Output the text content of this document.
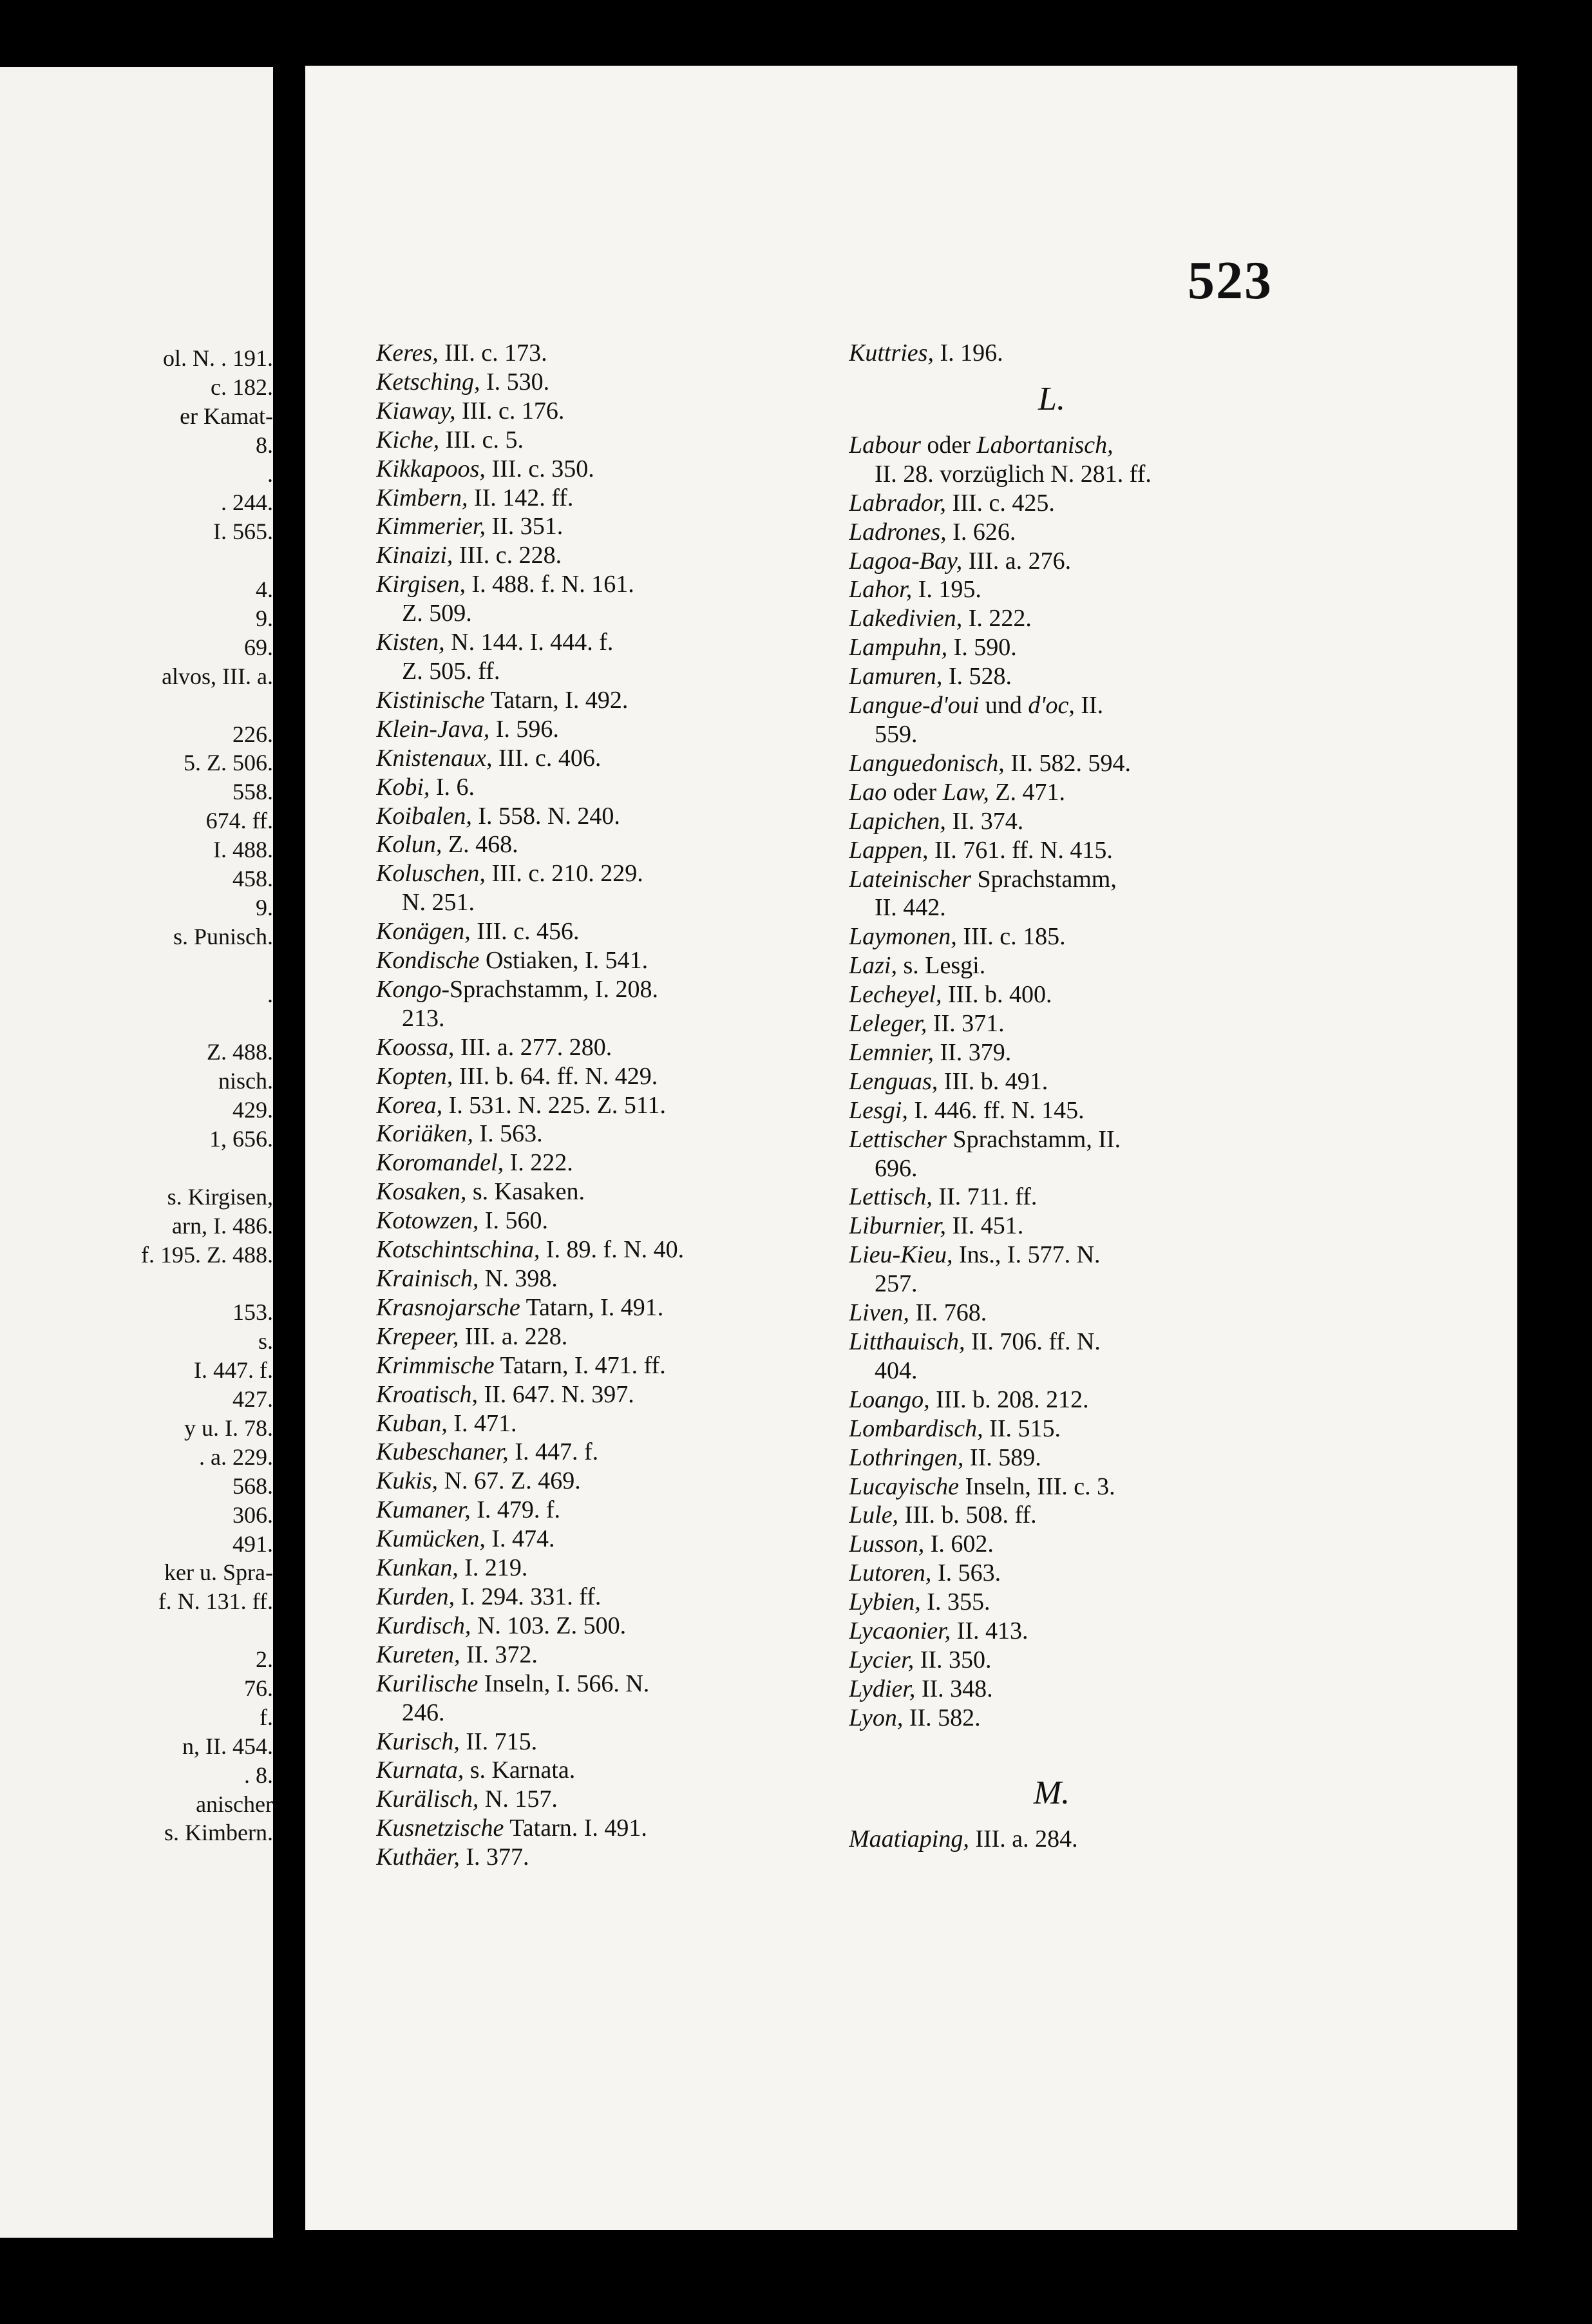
ol. N. . 191.
c. 182.
er Kamat-
8.
.
. 244.
I. 565.
4.
9.
69.
alvos, III. a.
226.
5. Z. 506.
558.
674. ff.
I. 488.
458.
9.
s. Punisch.
.
Z. 488.
nisch.
429.
1, 656.
s. Kirgisen,
arn, I. 486.
f. 195. Z. 488.
153.
s.
I. 447. f.
427.
y u. I. 78.
. a. 229.
568.
306.
491.
ker u. Spra-
f. N. 131. ff.
2.
76.
f.
n, II. 454.
. 8.
anischer
s. Kimbern.
523
Keres, III. c. 173.
Ketsching, I. 530.
Kiaway, III. c. 176.
Kiche, III. c. 5.
Kikkapoos, III. c. 350.
Kimbern, II. 142. ff.
Kimmerier, II. 351.
Kinaizi, III. c. 228.
Kirgisen, I. 488. f. N. 161.
Z. 509.
Kisten, N. 144. I. 444. f.
Z. 505. ff.
Kistinische Tatarn, I. 492.
Klein-Java, I. 596.
Knistenaux, III. c. 406.
Kobi, I. 6.
Koibalen, I. 558. N. 240.
Kolun, Z. 468.
Koluschen, III. c. 210. 229.
N. 251.
Konägen, III. c. 456.
Kondische Ostiaken, I. 541.
Kongo-Sprachstamm, I. 208.
213.
Koossa, III. a. 277. 280.
Kopten, III. b. 64. ff. N. 429.
Korea, I. 531. N. 225. Z. 511.
Koriäken, I. 563.
Koromandel, I. 222.
Kosaken, s. Kasaken.
Kotowzen, I. 560.
Kotschintschina, I. 89. f. N. 40.
Krainisch, N. 398.
Krasnojarsche Tatarn, I. 491.
Krepeer, III. a. 228.
Krimmische Tatarn, I. 471. ff.
Kroatisch, II. 647. N. 397.
Kuban, I. 471.
Kubeschaner, I. 447. f.
Kukis, N. 67. Z. 469.
Kumaner, I. 479. f.
Kumücken, I. 474.
Kunkan, I. 219.
Kurden, I. 294. 331. ff.
Kurdisch, N. 103. Z. 500.
Kureten, II. 372.
Kurilische Inseln, I. 566. N.
246.
Kurisch, II. 715.
Kurnata, s. Karnata.
Kurälisch, N. 157.
Kusnetzische Tatarn. I. 491.
Kuthäer, I. 377.
Kuttries, I. 196.
L.
Labour oder Labortanisch,
II. 28. vorzüglich N. 281. ff.
Labrador, III. c. 425.
Ladrones, I. 626.
Lagoa-Bay, III. a. 276.
Lahor, I. 195.
Lakedivien, I. 222.
Lampuhn, I. 590.
Lamuren, I. 528.
Langue-d'oui und d'oc, II.
559.
Languedonisch, II. 582. 594.
Lao oder Law, Z. 471.
Lapichen, II. 374.
Lappen, II. 761. ff. N. 415.
Lateinischer Sprachstamm,
II. 442.
Laymonen, III. c. 185.
Lazi, s. Lesgi.
Lecheyel, III. b. 400.
Leleger, II. 371.
Lemnier, II. 379.
Lenguas, III. b. 491.
Lesgi, I. 446. ff. N. 145.
Lettischer Sprachstamm, II.
696.
Lettisch, II. 711. ff.
Liburnier, II. 451.
Lieu-Kieu, Ins., I. 577. N.
257.
Liven, II. 768.
Litthauisch, II. 706. ff. N.
404.
Loango, III. b. 208. 212.
Lombardisch, II. 515.
Lothringen, II. 589.
Lucayische Inseln, III. c. 3.
Lule, III. b. 508. ff.
Lusson, I. 602.
Lutoren, I. 563.
Lybien, I. 355.
Lycaonier, II. 413.
Lycier, II. 350.
Lydier, II. 348.
Lyon, II. 582.
M.
Maatiaping, III. a. 284.
